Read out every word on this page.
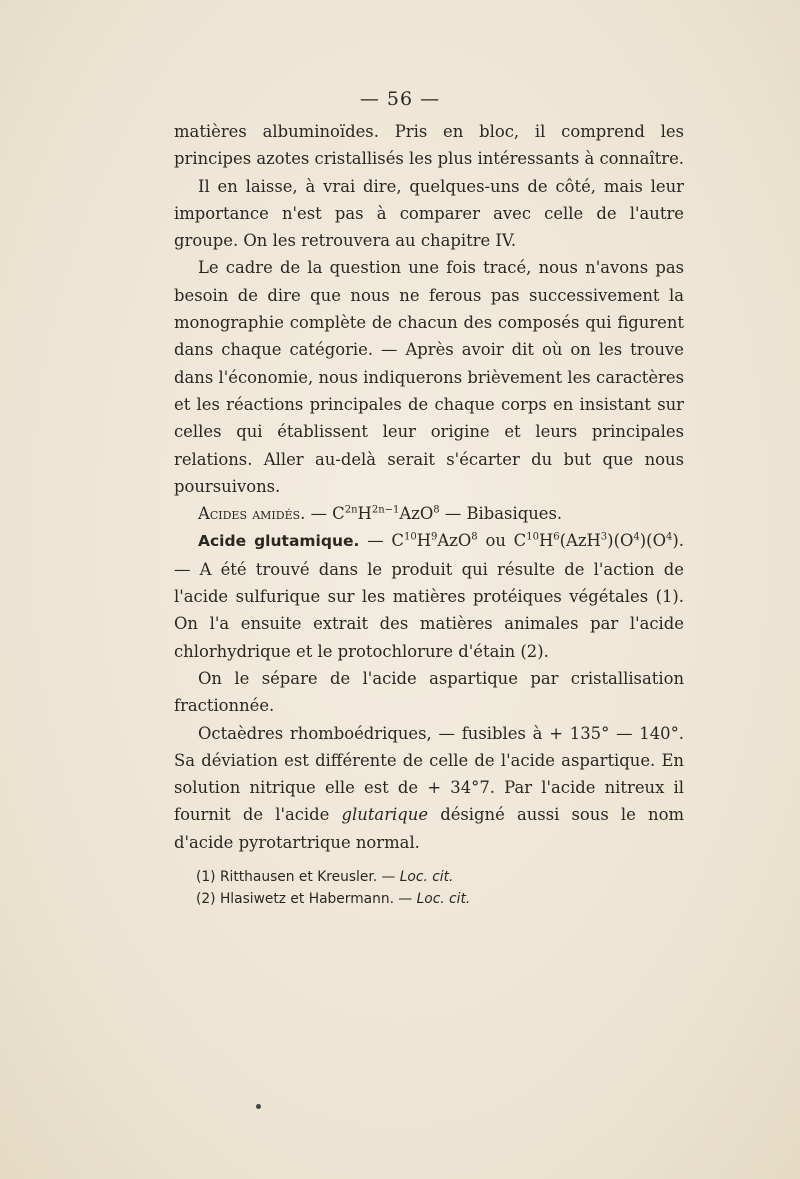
— 56 —

matières albuminoïdes. Pris en bloc, il comprend les principes azotes cristallisés les plus intéressants à connaître.

Il en laisse, à vrai dire, quelques-uns de côté, mais leur importance n'est pas à comparer avec celle de l'autre groupe. On les retrouvera au chapitre IV.

Le cadre de la question une fois tracé, nous n'avons pas besoin de dire que nous ne ferous pas successivement la monographie complète de chacun des composés qui figurent dans chaque catégorie. — Après avoir dit où on les trouve dans l'économie, nous indiquerons brièvement les caractères et les réactions principales de chaque corps en insistant sur celles qui établissent leur origine et leurs principales relations. Aller au-delà serait s'écarter du but que nous poursuivons.

Acides amidés. — $C^{2n}H^{2n-1}AzO^8$ — Bibasiques.

Acide glutamique. — $C^{10}H^9AzO^8$ ou $C^{10}H^6(AzH^3)(O^4)(O^4)$. — A été trouvé dans le produit qui résulte de l'action de l'acide sulfurique sur les matières protéiques végétales (1). On l'a ensuite extrait des matières animales par l'acide chlorhydrique et le protochlorure d'étain (2).

On le sépare de l'acide aspartique par cristallisation fractionnée.

Octaèdres rhomboédriques, — fusibles à + 135° — 140°. Sa déviation est différente de celle de l'acide aspartique. En solution nitrique elle est de + 34°7. Par l'acide nitreux il fournit de l'acide glutarique désigné aussi sous le nom d'acide pyrotartrique normal.

(1) Ritthausen et Kreusler. — Loc. cit.

(2) Hlasiwetz et Habermann. — Loc. cit.
